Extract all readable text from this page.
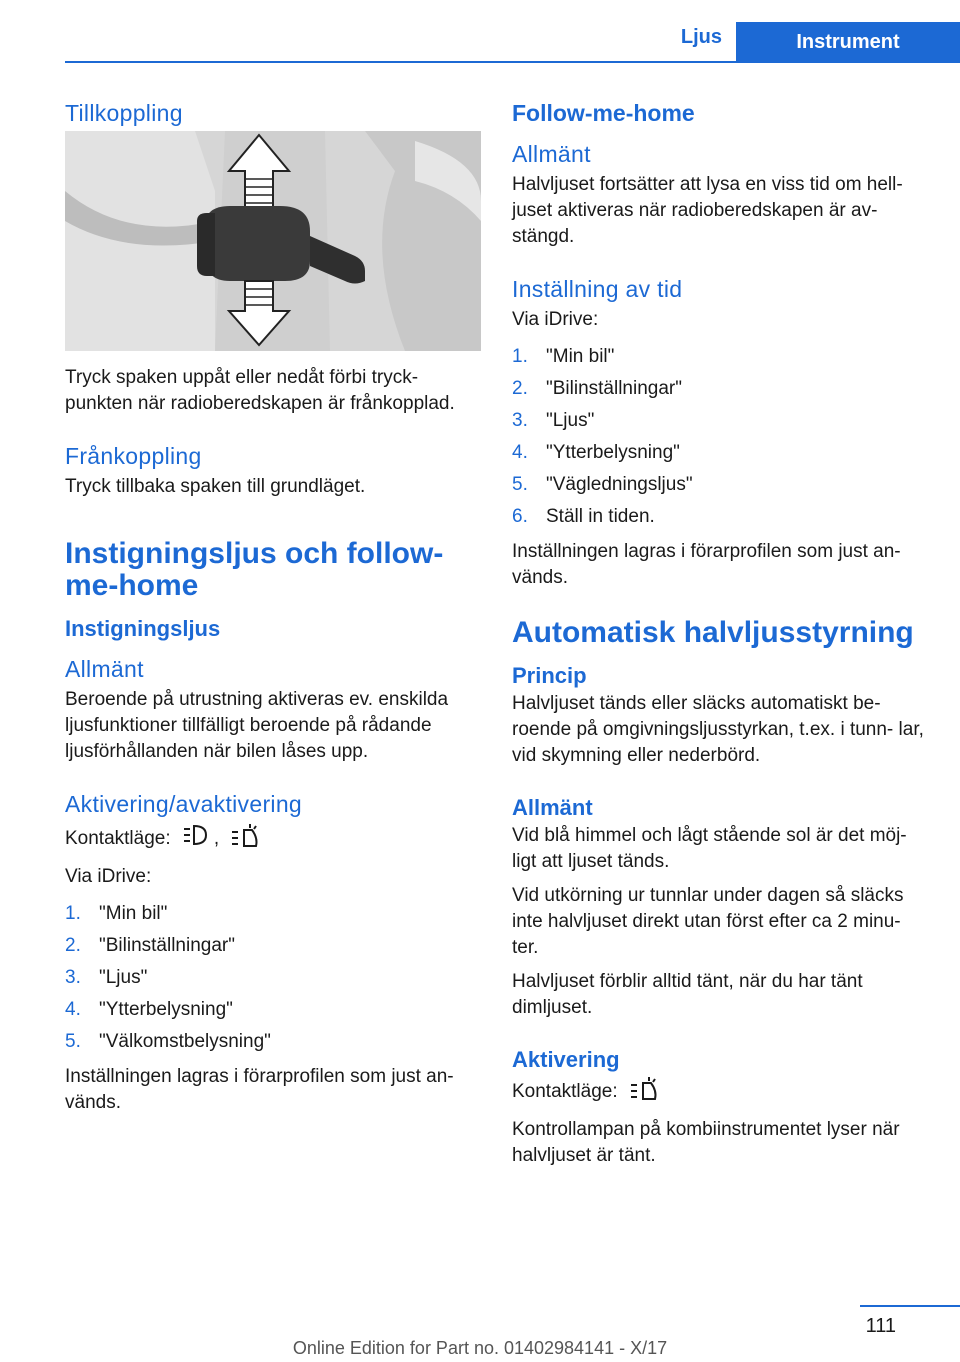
Ljus	Instrument
Tillkoppling

Tryck spaken uppåt eller nedåt förbi tryck- punkten när radioberedskapen är frånkopplad.

Frånkoppling

Tryck tillbaka spaken till grundläget.

Instigningsljus och follow- me-home
Instigningsljus
Allmänt

Beroende på utrustning aktiveras ev. enskilda ljusfunktioner tillfälligt beroende på rådande ljusförhållanden när bilen låses upp.

Aktivering/avaktivering

Kontaktläge: ,

Via iDrive:

1. "Min bil"
2. "Bilinställningar"
3. "Ljus"
4. "Ytterbelysning"
5. "Välkomstbelysning"

Inställningen lagras i förarprofilen som just an- vänds.

Follow-me-home
Allmänt

Halvljuset fortsätter att lysa en viss tid om hell- juset aktiveras när radioberedskapen är av- stängd.

Inställning av tid

Via iDrive:

1. "Min bil"
2. "Bilinställningar"
3. "Ljus"
4. "Ytterbelysning"
5. "Vägledningsljus"
6. Ställ in tiden.

Inställningen lagras i förarprofilen som just an- vänds.

Automatisk halvljusstyrning
Princip

Halvljuset tänds eller släcks automatiskt be- roende på omgivningsljusstyrkan, t.ex. i tunn- lar, vid skymning eller nederbörd.

Allmänt

Vid blå himmel och lågt stående sol är det möj- ligt att ljuset tänds.

Vid utkörning ur tunnlar under dagen så släcks inte halvljuset direkt utan först efter ca 2 minu- ter.

Halvljuset förblir alltid tänt, när du har tänt dimljuset.

Aktivering

Kontaktläge:

Kontrollampan på kombiinstrumentet lyser när halvljuset är tänt.

111
Online Edition for Part no. 01402984141 - X/17
